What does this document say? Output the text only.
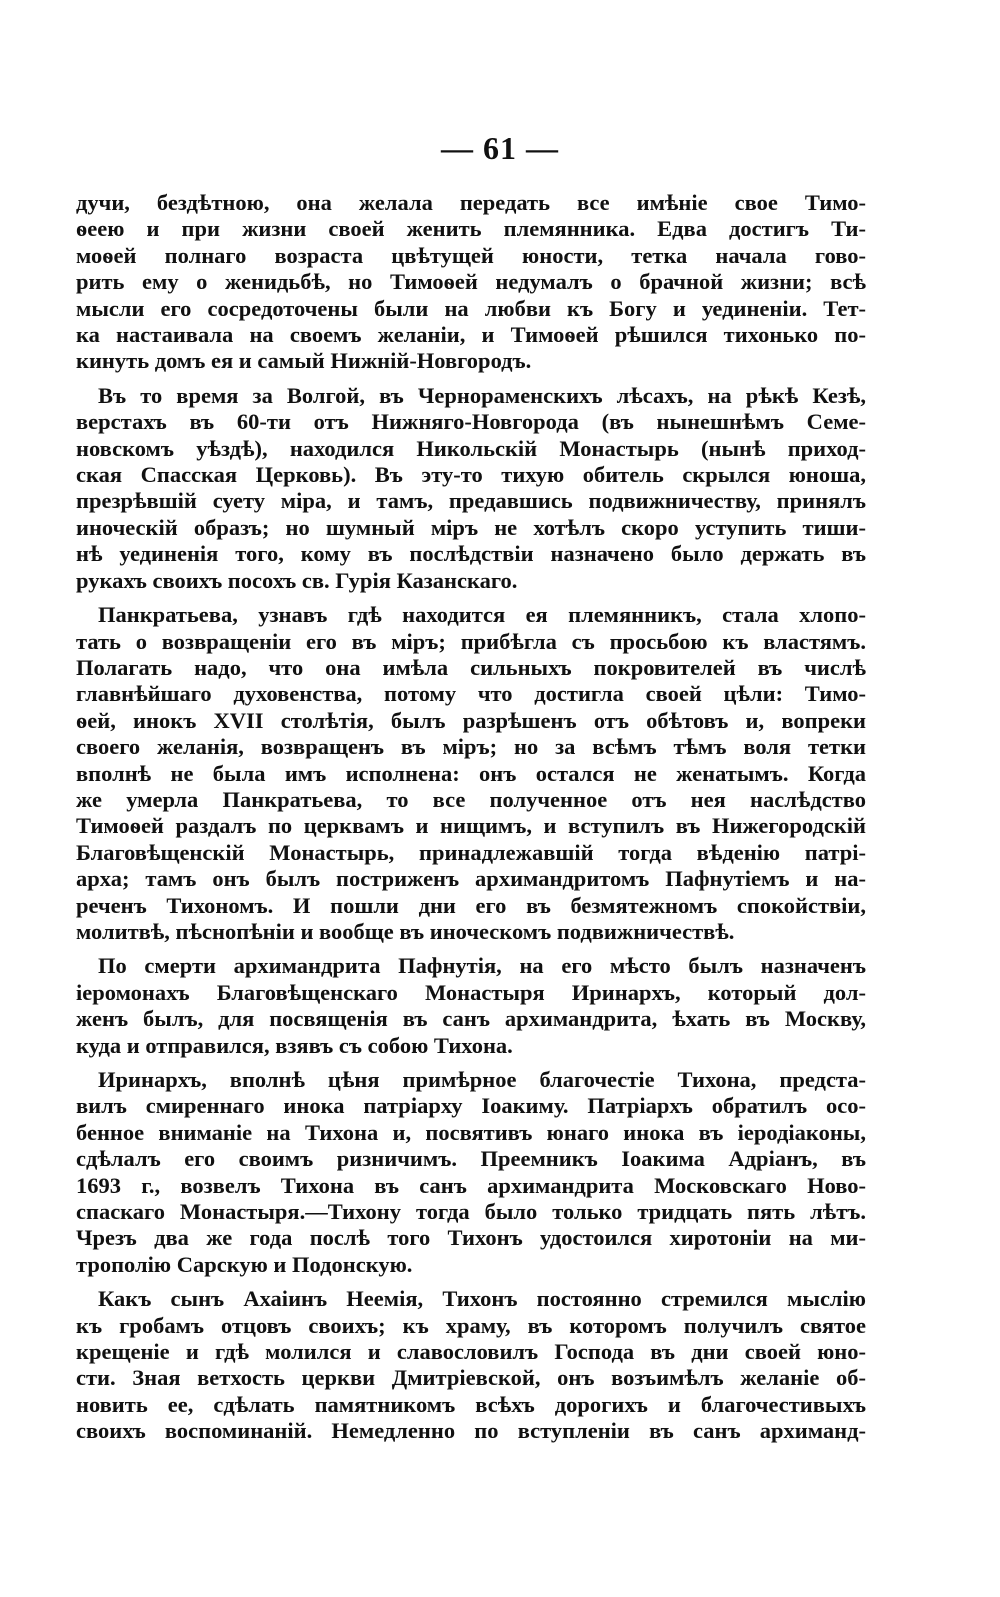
— 61 —
дучи, бездѣтною, она желала передать все имѣніе свое Тимо-
ѳеею и при жизни своей женить племянника. Едва достигъ Ти-
моѳей полнаго возраста цвѣтущей юности, тетка начала гово-
рить ему о женидьбѣ, но Тимоѳей недумалъ о брачной жизни; всѣ
мысли его сосредоточены были на любви къ Богу и уединеніи. Тет-
ка настаивала на своемъ желаніи, и Тимоѳей рѣшился тихонько по-
кинуть домъ ея и самый Нижній-Новгородъ.
Въ то время за Волгой, въ Чернораменскихъ лѣсахъ, на рѣкѣ Кезѣ,
верстахъ въ 60-ти отъ Нижняго-Новгорода (въ нынешнѣмъ Семе-
новскомъ уѣздѣ), находился Никольскій Монастырь (нынѣ приход-
ская Спасская Церковь). Въ эту-то тихую обитель скрылся юноша,
презрѣвшій суету міра, и тамъ, предавшись подвижничеству, принялъ
иноческій образъ; но шумный міръ не хотѣлъ скоро уступить тиши-
нѣ уединенія того, кому въ послѣдствіи назначено было держать въ
рукахъ своихъ посохъ св. Гурія Казанскаго.
Панкратьева, узнавъ гдѣ находится ея племянникъ, стала хлопо-
тать о возвращеніи его въ міръ; прибѣгла съ просьбою къ властямъ.
Полагать надо, что она имѣла сильныхъ покровителей въ числѣ
главнѣйшаго духовенства, потому что достигла своей цѣли: Тимо-
ѳей, инокъ XVII столѣтія, былъ разрѣшенъ отъ обѣтовъ и, вопреки
своего желанія, возвращенъ въ міръ; но за всѣмъ тѣмъ воля тетки
вполнѣ не была имъ исполнена: онъ остался не женатымъ. Когда
же умерла Панкратьева, то все полученное отъ нея наслѣдство
Тимоѳей раздалъ по церквамъ и нищимъ, и вступилъ въ Нижегородскій
Благовѣщенскій Монастырь, принадлежавшій тогда вѣденію патрі-
арха; тамъ онъ былъ постриженъ архимандритомъ Пафнутіемъ и на-
реченъ Тихономъ. И пошли дни его въ безмятежномъ спокойствіи,
молитвѣ, пѣснопѣніи и вообще въ иноческомъ подвижничествѣ.
По смерти архимандрита Пафнутія, на его мѣсто былъ назначенъ
іеромонахъ Благовѣщенскаго Монастыря Иринархъ, который дол-
женъ былъ, для посвященія въ санъ архимандрита, ѣхать въ Москву,
куда и отправился, взявъ съ собою Тихона.
Иринархъ, вполнѣ цѣня примѣрное благочестіе Тихона, предста-
вилъ смиреннаго инока патріарху Іоакиму. Патріархъ обратилъ осо-
бенное вниманіе на Тихона и, посвятивъ юнаго инока въ іеродіаконы,
сдѣлалъ его своимъ ризничимъ. Преемникъ Іоакима Адріанъ, въ
1693 г., возвелъ Тихона въ санъ архимандрита Московскаго Ново-
спаскаго Монастыря.—Тихону тогда было только тридцать пять лѣтъ.
Чрезъ два же года послѣ того Тихонъ удостоился хиротоніи на ми-
трополію Сарскую и Подонскую.
Какъ сынъ Ахаіинъ Неемія, Тихонъ постоянно стремился мыслію
къ гробамъ отцовъ своихъ; къ храму, въ которомъ получилъ святое
крещеніе и гдѣ молился и славословилъ Господа въ дни своей юно-
сти. Зная ветхость церкви Дмитріевской, онъ возъимѣлъ желаніе об-
новить ее, сдѣлать памятникомъ всѣхъ дорогихъ и благочестивыхъ
своихъ воспоминаній. Немедленно по вступленіи въ санъ архиманд-
